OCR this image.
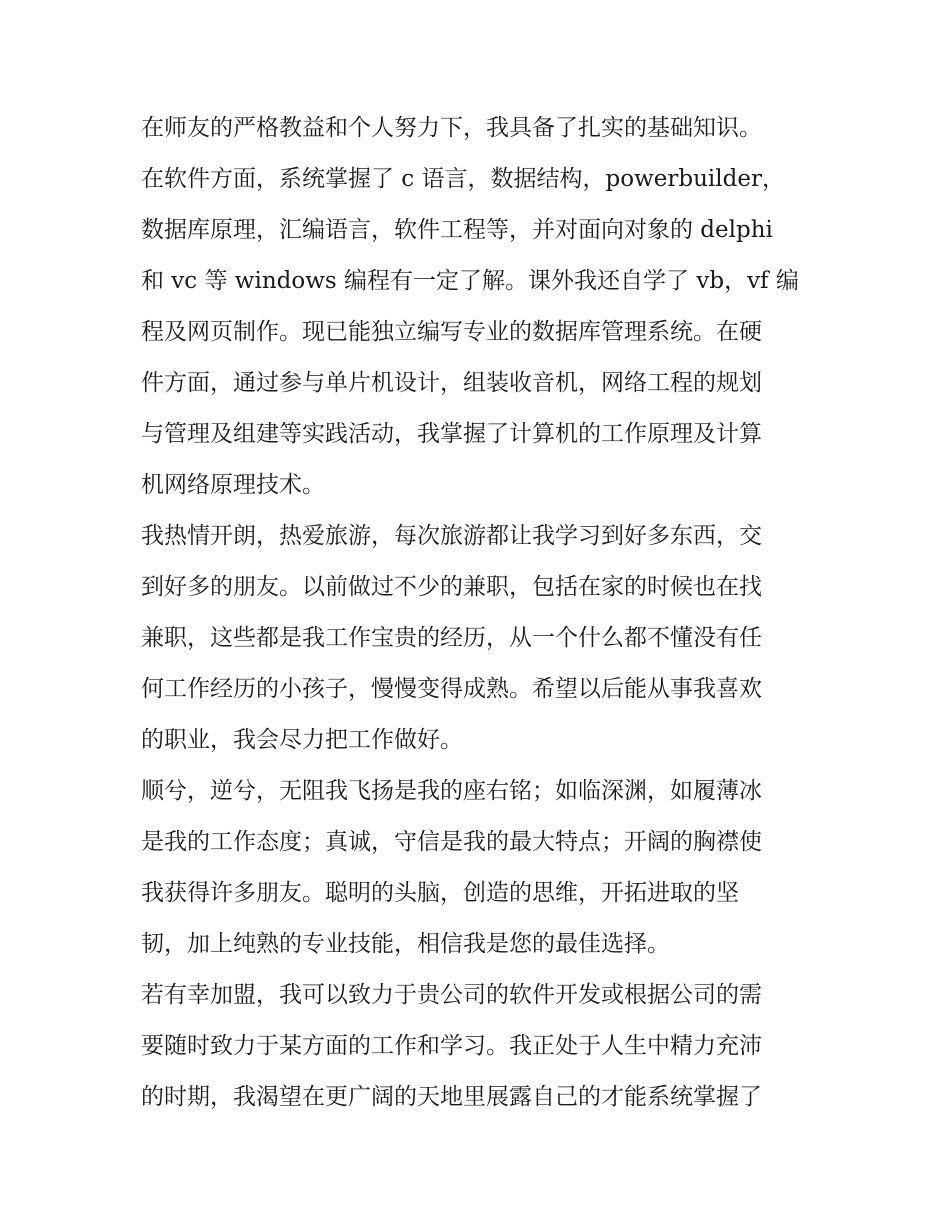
在师友的严格教益和个人努力下，我具备了扎实的基础知识。
在软件方面，系统掌握了 c 语言，数据结构，powerbuilder，
数据库原理，汇编语言，软件工程等，并对面向对象的 delphi
和 vc 等 windows 编程有一定了解。课外我还自学了 vb，vf 编
程及网页制作。现已能独立编写专业的数据库管理系统。在硬
件方面，通过参与单片机设计，组装收音机，网络工程的规划
与管理及组建等实践活动，我掌握了计算机的工作原理及计算
机网络原理技术。
我热情开朗，热爱旅游，每次旅游都让我学习到好多东西，交
到好多的朋友。以前做过不少的兼职，包括在家的时候也在找
兼职，这些都是我工作宝贵的经历，从一个什么都不懂没有任
何工作经历的小孩子，慢慢变得成熟。希望以后能从事我喜欢
的职业，我会尽力把工作做好。
顺兮，逆兮，无阻我飞扬是我的座右铭；如临深渊，如履薄冰
是我的工作态度；真诚，守信是我的最大特点；开阔的胸襟使
我获得许多朋友。聪明的头脑，创造的思维，开拓进取的坚
韧，加上纯熟的专业技能，相信我是您的最佳选择。
若有幸加盟，我可以致力于贵公司的软件开发或根据公司的需
要随时致力于某方面的工作和学习。我正处于人生中精力充沛
的时期，我渴望在更广阔的天地里展露自己的才能系统掌握了
